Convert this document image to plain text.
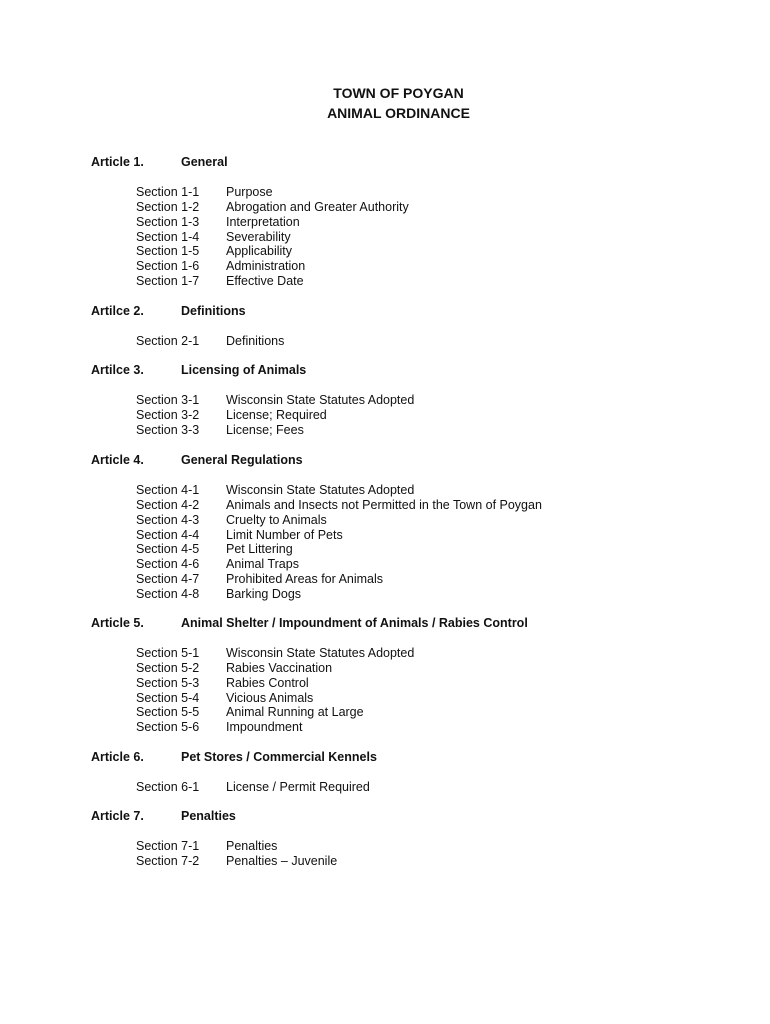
TOWN OF POYGAN
ANIMAL ORDINANCE
Article 1.	General
Section 1-1 Purpose
Section 1-2 Abrogation and Greater Authority
Section 1-3 Interpretation
Section 1-4 Severability
Section 1-5 Applicability
Section 1-6 Administration
Section 1-7 Effective Date
Artilce 2.	Definitions
Section 2-1 Definitions
Artilce 3.	Licensing of Animals
Section 3-1 Wisconsin State Statutes Adopted
Section 3-2 License; Required
Section 3-3 License; Fees
Article 4.	General Regulations
Section 4-1 Wisconsin State Statutes Adopted
Section 4-2 Animals and Insects not Permitted in the Town of Poygan
Section 4-3 Cruelty to Animals
Section 4-4 Limit Number of Pets
Section 4-5 Pet Littering
Section 4-6 Animal Traps
Section 4-7 Prohibited Areas for Animals
Section 4-8 Barking Dogs
Article 5.	Animal Shelter / Impoundment of Animals / Rabies Control
Section 5-1 Wisconsin State Statutes Adopted
Section 5-2 Rabies Vaccination
Section 5-3 Rabies Control
Section 5-4 Vicious Animals
Section 5-5 Animal Running at Large
Section 5-6 Impoundment
Article 6.	Pet Stores / Commercial Kennels
Section 6-1 License / Permit Required
Article 7.	Penalties
Section 7-1 Penalties
Section 7-2 Penalties – Juvenile
